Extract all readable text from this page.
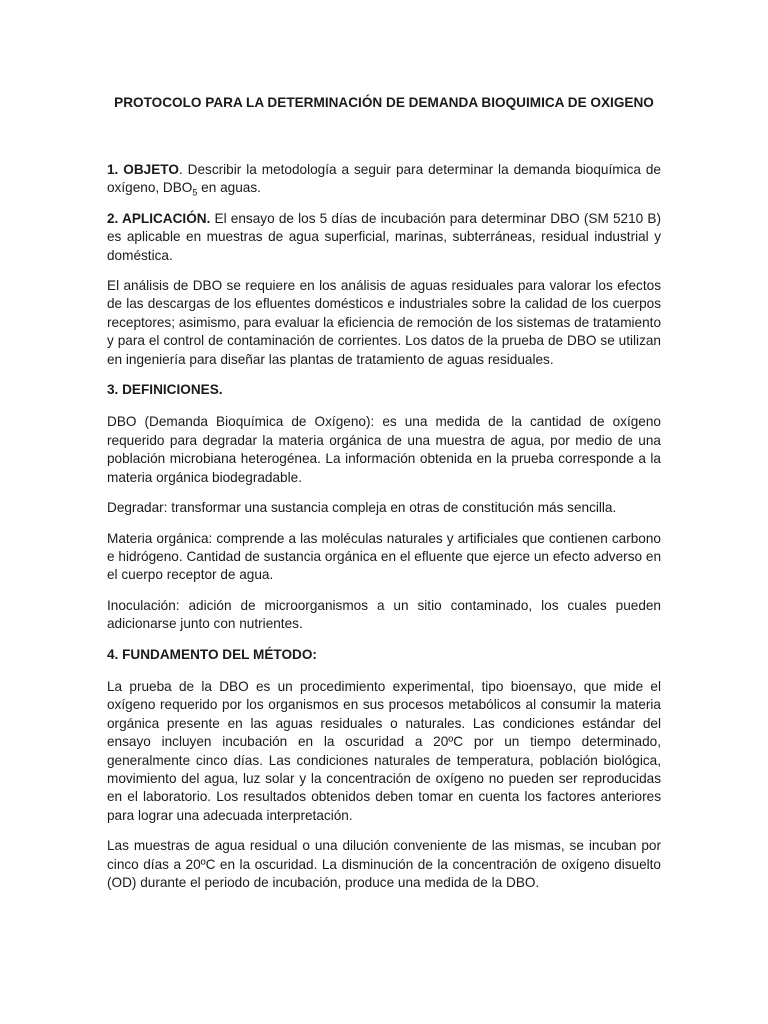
PROTOCOLO PARA LA DETERMINACIÓN DE DEMANDA BIOQUIMICA DE OXIGENO

1. OBJETO. Describir la metodología a seguir para determinar la demanda bioquímica de oxígeno, $DBO_5$ en aguas.

2. APLICACIÓN. El ensayo de los 5 días de incubación para determinar DBO (SM 5210 B) es aplicable en muestras de agua superficial, marinas, subterráneas, residual industrial y doméstica.

El análisis de DBO se requiere en los análisis de aguas residuales para valorar los efectos de las descargas de los efluentes domésticos e industriales sobre la calidad de los cuerpos receptores; asimismo, para evaluar la eficiencia de remoción de los sistemas de tratamiento y para el control de contaminación de corrientes. Los datos de la prueba de DBO se utilizan en ingeniería para diseñar las plantas de tratamiento de aguas residuales.

3. DEFINICIONES.

DBO (Demanda Bioquímica de Oxígeno): es una medida de la cantidad de oxígeno requerido para degradar la materia orgánica de una muestra de agua, por medio de una población microbiana heterogénea. La información obtenida en la prueba corresponde a la materia orgánica biodegradable.

Degradar: transformar una sustancia compleja en otras de constitución más sencilla.

Materia orgánica: comprende a las moléculas naturales y artificiales que contienen carbono e hidrógeno. Cantidad de sustancia orgánica en el efluente que ejerce un efecto adverso en el cuerpo receptor de agua.

Inoculación: adición de microorganismos a un sitio contaminado, los cuales pueden adicionarse junto con nutrientes.

4. FUNDAMENTO DEL MÉTODO:

La prueba de la DBO es un procedimiento experimental, tipo bioensayo, que mide el oxígeno requerido por los organismos en sus procesos metabólicos al consumir la materia orgánica presente en las aguas residuales o naturales. Las condiciones estándar del ensayo incluyen incubación en la oscuridad a 20ºC por un tiempo determinado, generalmente cinco días. Las condiciones naturales de temperatura, población biológica, movimiento del agua, luz solar y la concentración de oxígeno no pueden ser reproducidas en el laboratorio. Los resultados obtenidos deben tomar en cuenta los factores anteriores para lograr una adecuada interpretación.

Las muestras de agua residual o una dilución conveniente de las mismas, se incuban por cinco días a 20ºC en la oscuridad. La disminución de la concentración de oxígeno disuelto (OD) durante el periodo de incubación, produce una medida de la DBO.
